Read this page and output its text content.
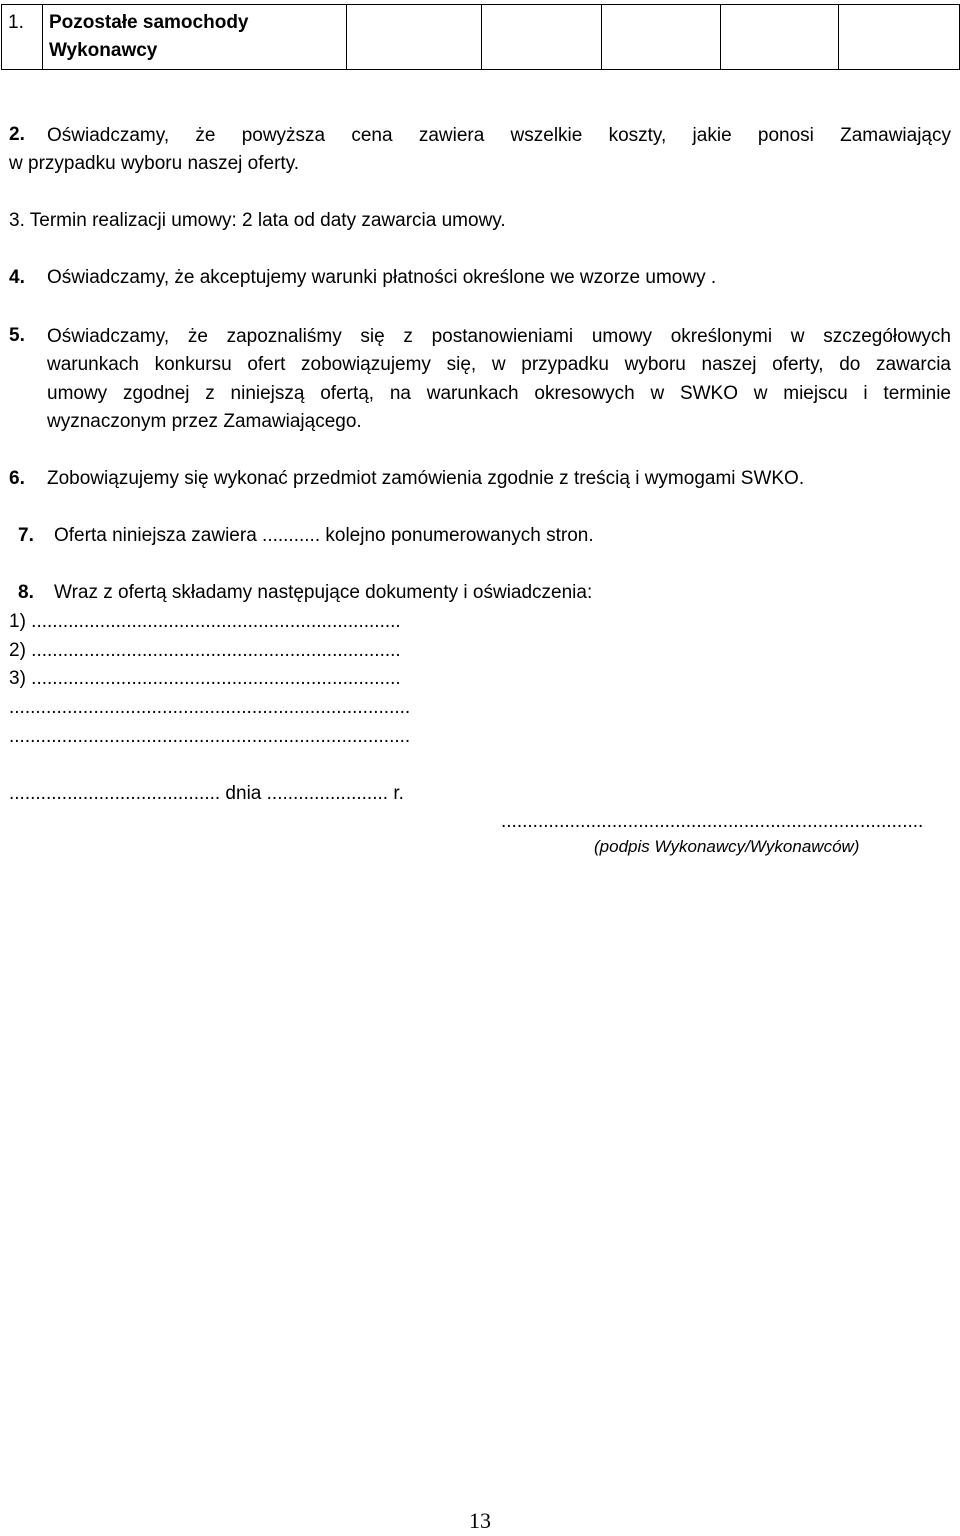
1.	Pozostałe samochody
Wykonawcy

2. Oświadczamy, że powyższa cena zawiera wszelkie koszty, jakie ponosi Zamawiający
w przypadku wyboru naszej oferty.
3. Termin realizacji umowy: 2 lata od daty zawarcia umowy.
4. Oświadczamy, że akceptujemy warunki płatności określone we wzorze umowy .
5. Oświadczamy, że zapoznaliśmy się z postanowieniami umowy określonymi w szczegółowych
warunkach konkursu ofert zobowiązujemy się, w przypadku wyboru naszej oferty, do zawarcia
umowy zgodnej z niniejszą ofertą, na warunkach okresowych w SWKO w miejscu i terminie
wyznaczonym przez Zamawiającego.
6. Zobowiązujemy się wykonać przedmiot zamówienia zgodnie z treścią i wymogami SWKO.
7. Oferta niniejsza zawiera ........... kolejno ponumerowanych stron.
8. Wraz z ofertą składamy następujące dokumenty i oświadczenia:
1) ......................................................................
2) ......................................................................
3) ......................................................................
............................................................................
............................................................................
........................................ dnia ....................... r.
................................................................................
(podpis Wykonawcy/Wykonawców)
13
